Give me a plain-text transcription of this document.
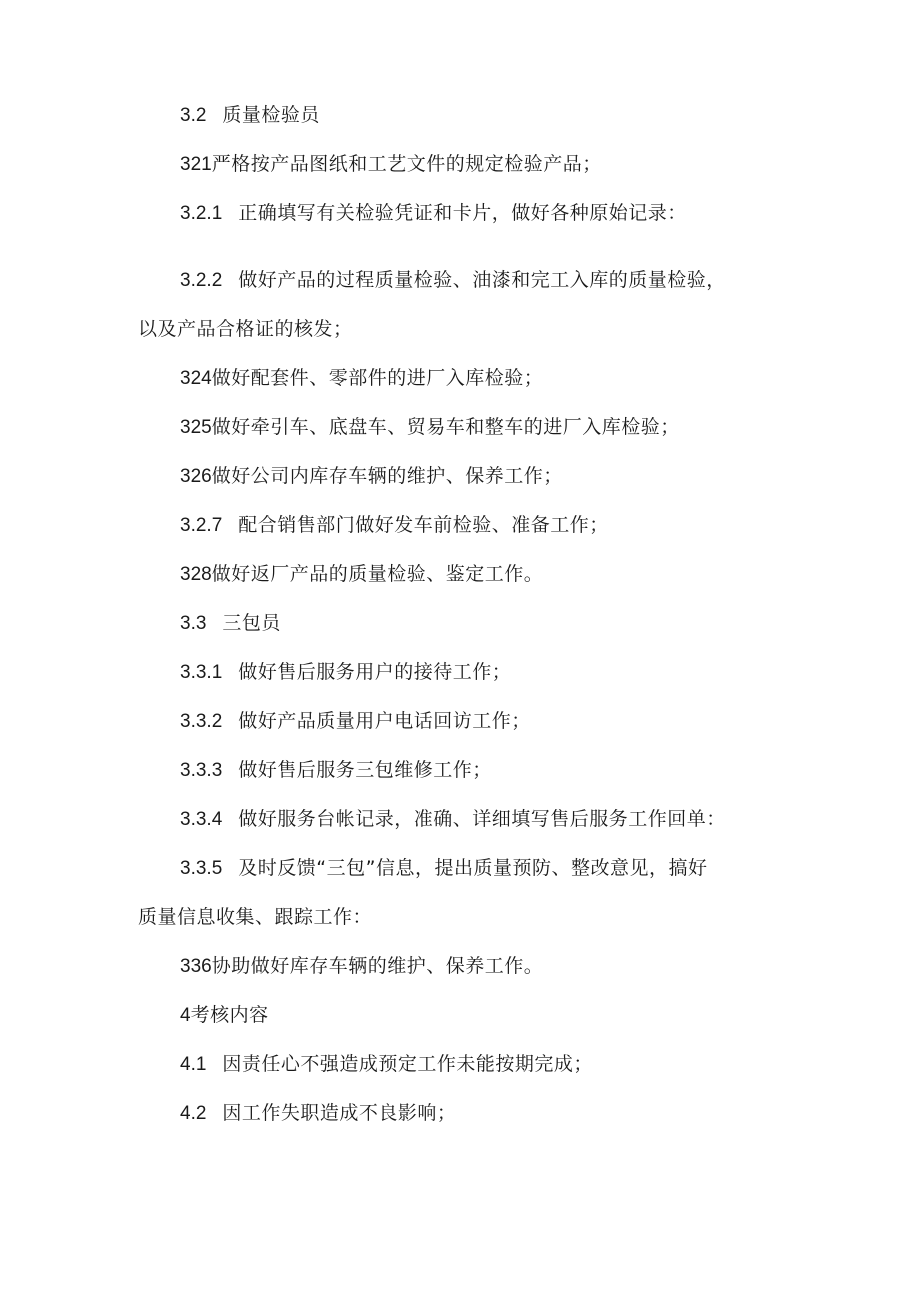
3.2 质量检验员
321严格按产品图纸和工艺文件的规定检验产品；
3.2.1 正确填写有关检验凭证和卡片，做好各种原始记录：
3.2.2 做好产品的过程质量检验、油漆和完工入库的质量检验，
以及产品合格证的核发；
324做好配套件、零部件的进厂入库检验；
325做好牵引车、底盘车、贸易车和整车的进厂入库检验；
326做好公司内库存车辆的维护、保养工作；
3.2.7 配合销售部门做好发车前检验、准备工作；
328做好返厂产品的质量检验、鉴定工作。
3.3 三包员
3.3.1 做好售后服务用户的接待工作；
3.3.2 做好产品质量用户电话回访工作；
3.3.3 做好售后服务三包维修工作；
3.3.4 做好服务台帐记录，准确、详细填写售后服务工作回单：
3.3.5 及时反馈“三包”信息，提出质量预防、整改意见，搞好
质量信息收集、跟踪工作：
336协助做好库存车辆的维护、保养工作。
4考核内容
4.1 因责任心不强造成预定工作未能按期完成；
4.2 因工作失职造成不良影响；
